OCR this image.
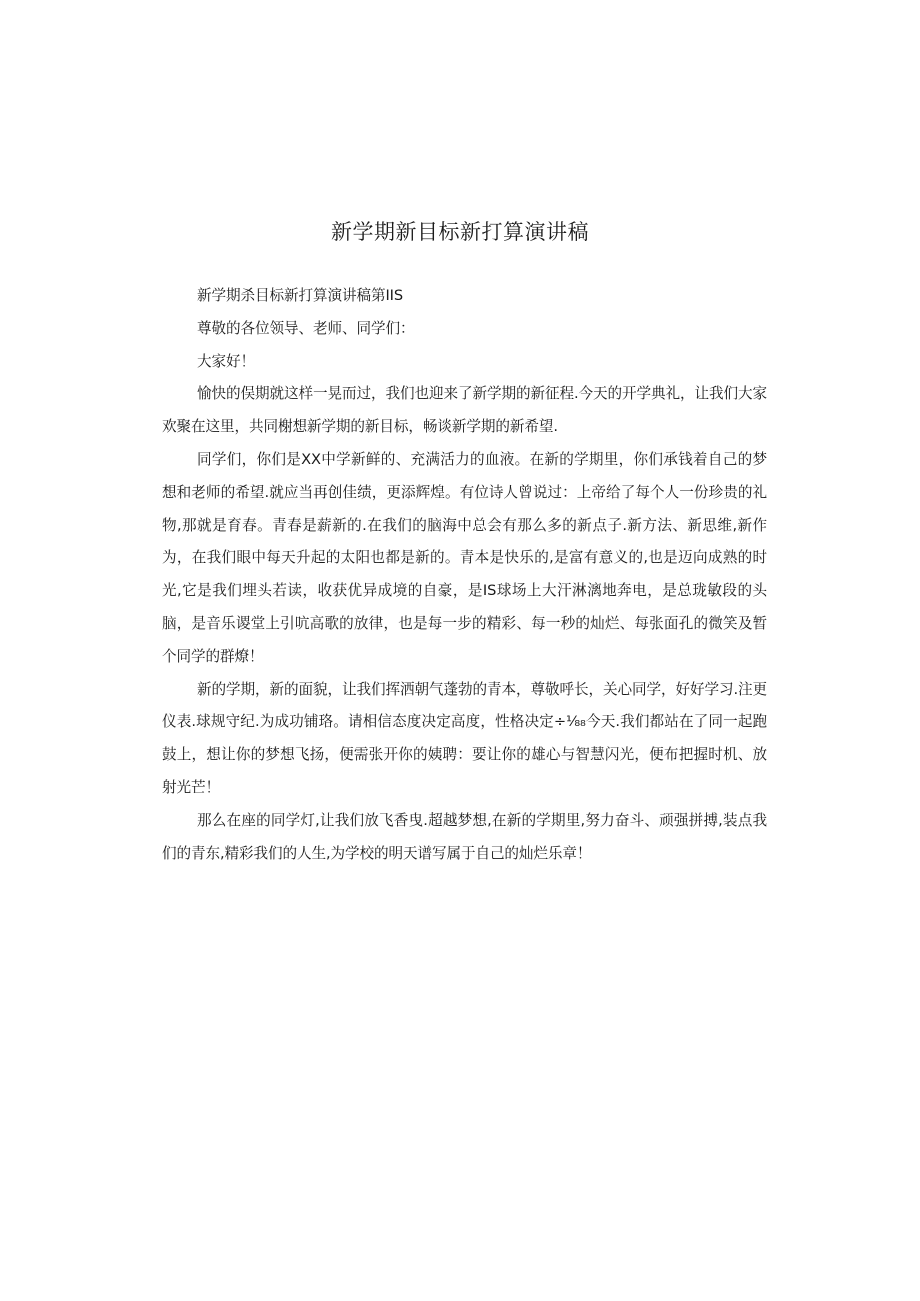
新学期新目标新打算演讲稿

新学期杀目标新打算演讲稿第IIS

尊敬的各位领导、老师、同学们：

大家好！

愉快的俣期就这样一晃而过，我们也迎来了新学期的新征程.今天的开学典礼，让我们大家欢聚在这里，共同榭想新学期的新目标，畅谈新学期的新希望.

同学们，你们是XX中学新鲜的、充满活力的血液。在新的学期里，你们承钱着自己的梦想和老师的希望.就应当再创佳绩，更添辉煌。有位诗人曾说过：上帝给了每个人一份珍贵的礼物,那就是育春。青春是薪新的.在我们的脑海中总会有那么多的新点子.新方法、新思维,新作为，在我们眼中每天升起的太阳也都是新的。青本是快乐的,是富有意义的,也是迈向成熟的时光,它是我们埋头若读，收获优异成境的自豪，是IS球场上大汗淋漓地奔电，是总珑敏段的头脑，是音乐谡堂上引吭高歌的放律，也是每一步的精彩、每一秒的灿烂、每张面孔的微笑及暂个同学的群燎！

新的学期，新的面貌，让我们挥洒朝气蓬勃的青本，尊敬呼长，关心同学，好好学习.注更仪表.球规守纪.为成功铺珞。请相信态度决定高度，性格决定÷⅛₈今天.我们都站在了同一起跑鼓上，想让你的梦想飞扬，便需张开你的姨聘：要让你的雄心与智慧闪光，便布把握时机、放射光芒！

那么在座的同学灯,让我们放飞香曳.超越梦想,在新的学期里,努力奋斗、顽强拼搏,装点我们的青东,精彩我们的人生,为学校的明天谱写属于自己的灿烂乐章！
